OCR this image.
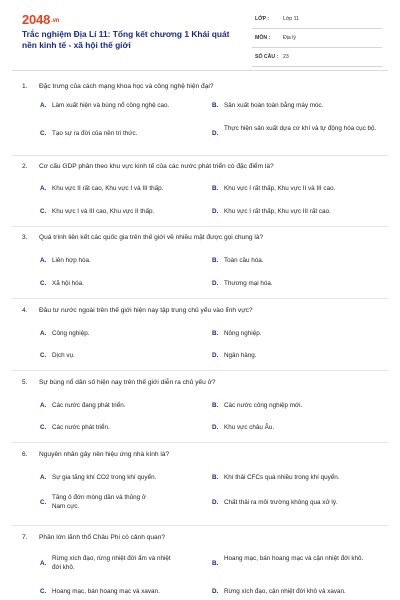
2048.vn
Trắc nghiệm Địa Lí 11: Tổng kết chương 1 Khái quát nền kinh tế - xã hội thế giới
LỚP :	Lớp 11
MÔN : Địa lý
SỐ CÂU : 23
1. Đặc trưng của cách mạng khoa học và công nghệ hiện đại?
A. Làm xuất hiện và bùng nổ công nghệ cao.	B. Sản xuất hoàn toàn bằng máy móc.
C. Tạo sự ra đời của nền tri thức.	D.
Thực hiện sản xuất dựa cơ khí và tự động hóa cục bộ.
2. Cơ cấu GDP phân theo khu vực kinh tế của các nước phát triển có đặc điểm là?
A. Khu vực II rất cao, Khu vực I và III thấp.	B. Khu vực I rất thấp, Khu vực II và III cao.
C. Khu vực I và III cao, Khu vực II thấp.	D. Khu vực I rất thấp, Khu vực III rất cao.
3. Quá trình liên kết các quốc gia trên thế giới về nhiều mặt được gọi chung là?
A. Liên hợp hóa.	B. Toàn cầu hóa.
C. Xã hội hóa.	D. Thương mại hóa.
4. Đầu tư nước ngoài trên thế giới hiện nay tập trung chủ yếu vào lĩnh vực?
A. Công nghiệp.	B. Nông nghiệp.
C. Dịch vụ.	D. Ngân hàng.
5. Sự bùng nổ dân số hiện nay trên thế giới diễn ra chủ yếu ở?
A. Các nước đang phát triển.	B. Các nước công nghiệp mới.
C. Các nước phát triển.	D. Khu vực châu Âu.
6. Nguyên nhân gây nên hiệu ứng nhà kính là?
A. Sự gia tăng khí CO2 trong khí quyển.	B. Khí thải CFCs quá nhiều trong khí quyển.
C.
Tăng ô đớn mòng dần và thủng ở Nam cực.	D. Chất thải ra môi trường không qua xử lý.
7. Phần lớn lãnh thổ Châu Phi có cảnh quan?
A.
Rừng xích đạo, rừng nhiệt đới ẩm và nhiệt đới khô.	B.
Hoang mạc, bán hoang mạc và cận nhiệt đới khô.
C. Hoang mạc, bán hoang mạc và xavan.	D. Rừng xích đạo, cận nhiệt đới khô và xavan.
